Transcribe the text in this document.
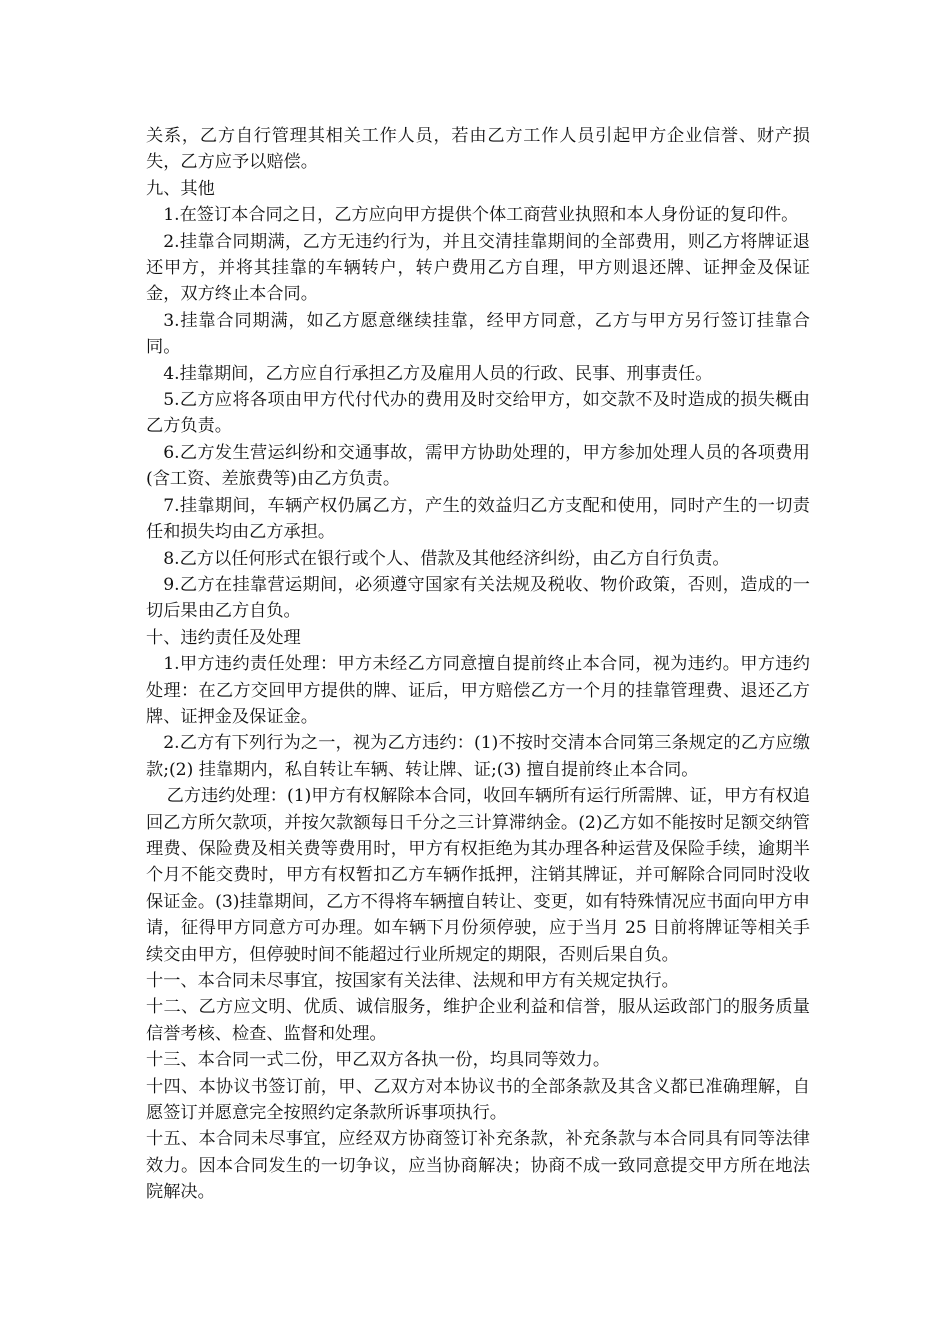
关系，乙方自行管理其相关工作人员，若由乙方工作人员引起甲方企业信誉、财产损失，乙方应予以赔偿。

九、其他

1.在签订本合同之日，乙方应向甲方提供个体工商营业执照和本人身份证的复印件。

2.挂靠合同期满，乙方无违约行为，并且交清挂靠期间的全部费用，则乙方将牌证退还甲方，并将其挂靠的车辆转户，转户费用乙方自理，甲方则退还牌、证押金及保证金，双方终止本合同。

3.挂靠合同期满，如乙方愿意继续挂靠，经甲方同意，乙方与甲方另行签订挂靠合同。

4.挂靠期间，乙方应自行承担乙方及雇用人员的行政、民事、刑事责任。

5.乙方应将各项由甲方代付代办的费用及时交给甲方，如交款不及时造成的损失概由乙方负责。

6.乙方发生营运纠纷和交通事故，需甲方协助处理的，甲方参加处理人员的各项费用(含工资、差旅费等)由乙方负责。

7.挂靠期间，车辆产权仍属乙方，产生的效益归乙方支配和使用，同时产生的一切责任和损失均由乙方承担。

8.乙方以任何形式在银行或个人、借款及其他经济纠纷，由乙方自行负责。

9.乙方在挂靠营运期间，必须遵守国家有关法规及税收、物价政策，否则，造成的一切后果由乙方自负。

十、违约责任及处理

1.甲方违约责任处理：甲方未经乙方同意擅自提前终止本合同，视为违约。甲方违约处理：在乙方交回甲方提供的牌、证后，甲方赔偿乙方一个月的挂靠管理费、退还乙方牌、证押金及保证金。

2.乙方有下列行为之一，视为乙方违约：(1)不按时交清本合同第三条规定的乙方应缴款;(2) 挂靠期内，私自转让车辆、转让牌、证;(3) 擅自提前终止本合同。

乙方违约处理：(1)甲方有权解除本合同，收回车辆所有运行所需牌、证，甲方有权追回乙方所欠款项，并按欠款额每日千分之三计算滞纳金。(2)乙方如不能按时足额交纳管理费、保险费及相关费等费用时，甲方有权拒绝为其办理各种运营及保险手续，逾期半个月不能交费时，甲方有权暂扣乙方车辆作抵押，注销其牌证，并可解除合同同时没收保证金。(3)挂靠期间，乙方不得将车辆擅自转让、变更，如有特殊情况应书面向甲方申请，征得甲方同意方可办理。如车辆下月份须停驶，应于当月 25 日前将牌证等相关手续交由甲方，但停驶时间不能超过行业所规定的期限，否则后果自负。

十一、本合同未尽事宜，按国家有关法律、法规和甲方有关规定执行。

十二、乙方应文明、优质、诚信服务，维护企业利益和信誉，服从运政部门的服务质量信誉考核、检查、监督和处理。

十三、本合同一式二份，甲乙双方各执一份，均具同等效力。

十四、本协议书签订前，甲、乙双方对本协议书的全部条款及其含义都已准确理解，自愿签订并愿意完全按照约定条款所诉事项执行。

十五、本合同未尽事宜，应经双方协商签订补充条款，补充条款与本合同具有同等法律效力。因本合同发生的一切争议，应当协商解决；协商不成一致同意提交甲方所在地法院解决。
